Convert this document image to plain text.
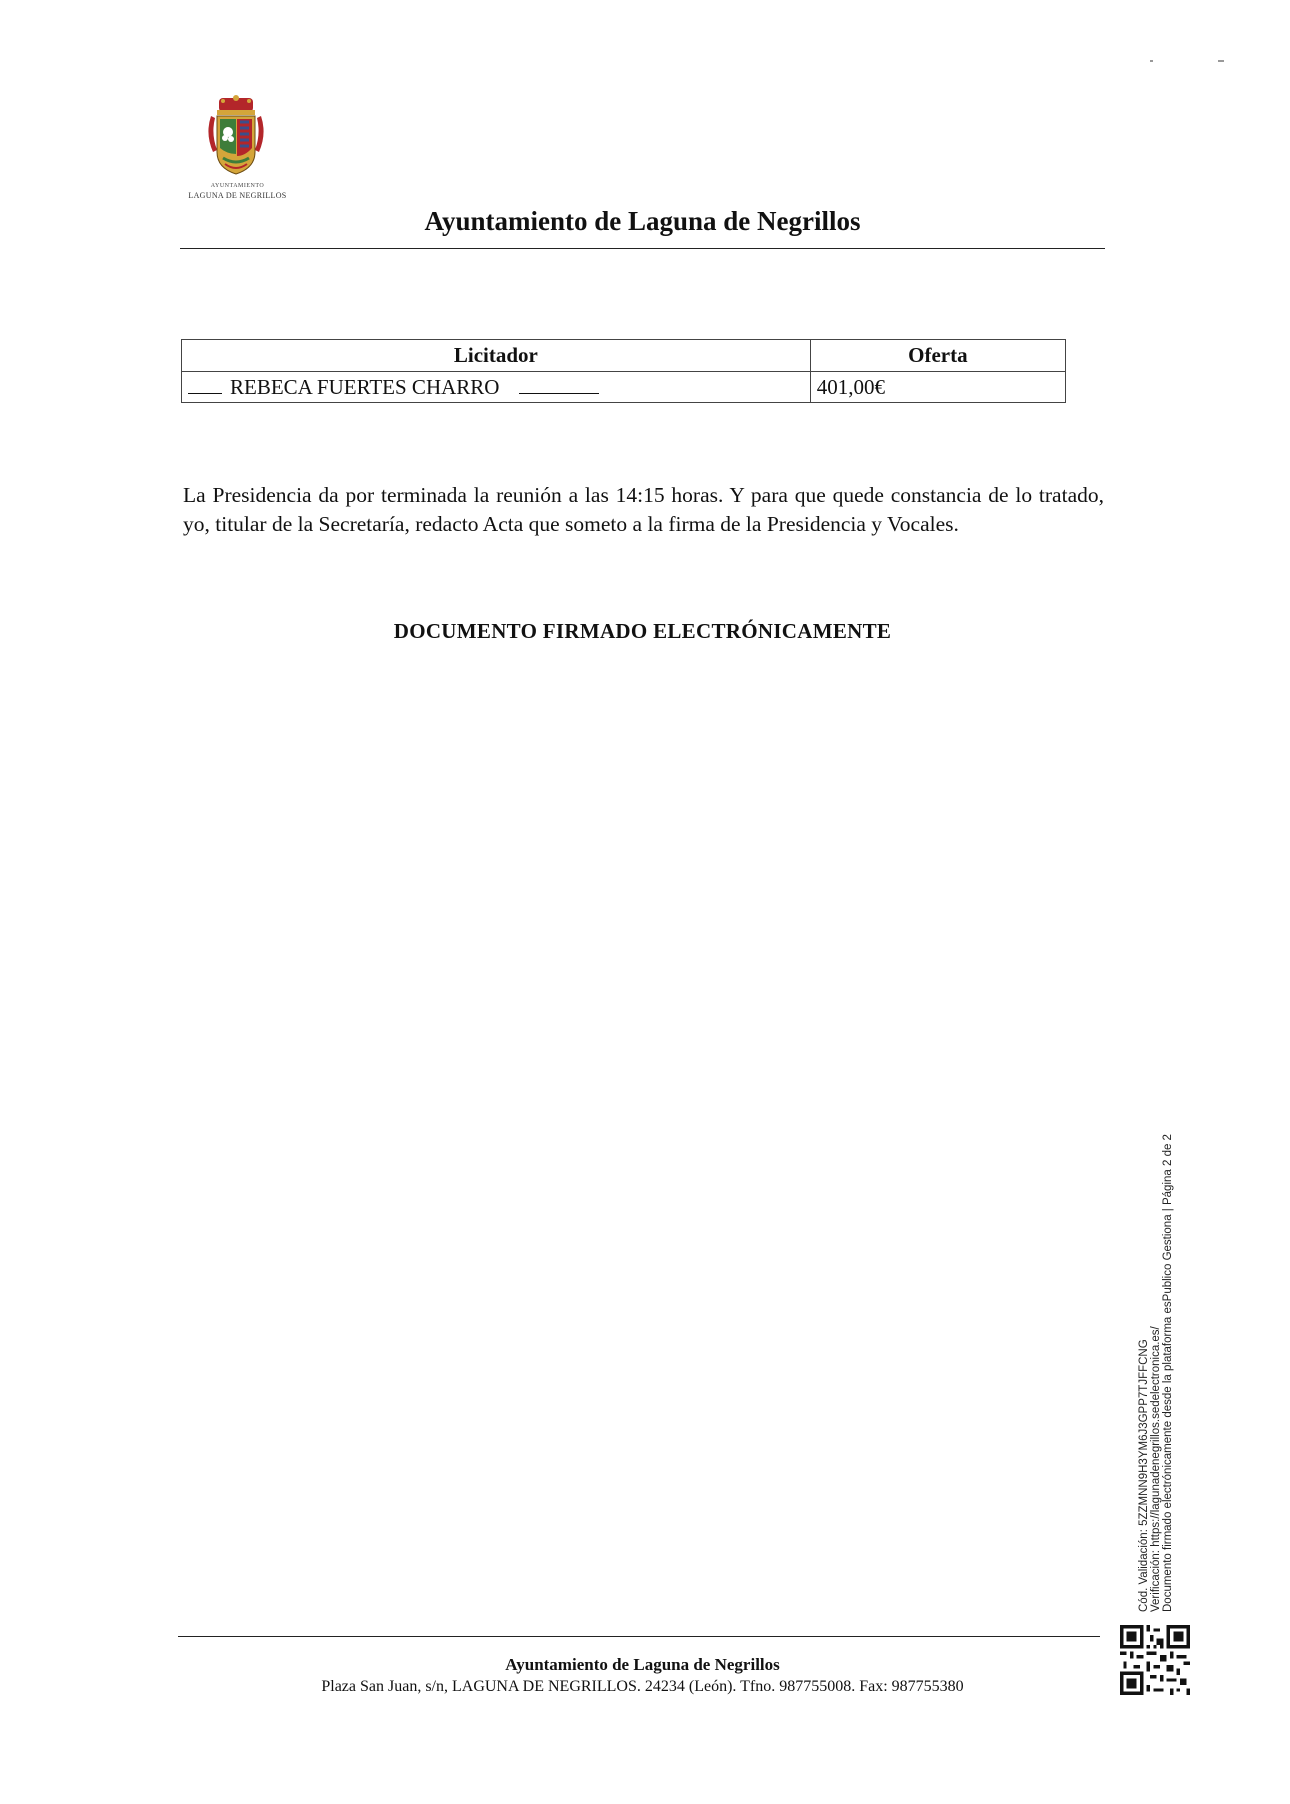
AYUNTAMIENTO
LAGUNA DE NEGRILLOS
Ayuntamiento de Laguna de Negrillos
Licitador	Oferta
REBECA FUERTES CHARRO	401,00€
La Presidencia da por terminada la reunión a las 14:15 horas. Y para que quede constancia de lo tratado, yo, titular de la Secretaría, redacto Acta que someto a la firma de la Presidencia y Vocales.
DOCUMENTO FIRMADO ELECTRÓNICAMENTE
Cód. Validación: 5ZZMNN9H3YM6J3GPP7TJFFCNG Verificación: https://lagunadenegrillos.sedelectronica.es/ Documento firmado electrónicamente desde la plataforma esPublico Gestiona | Página 2 de 2
Ayuntamiento de Laguna de Negrillos
Plaza San Juan, s/n, LAGUNA DE NEGRILLOS. 24234 (León). Tfno. 987755008. Fax: 987755380
